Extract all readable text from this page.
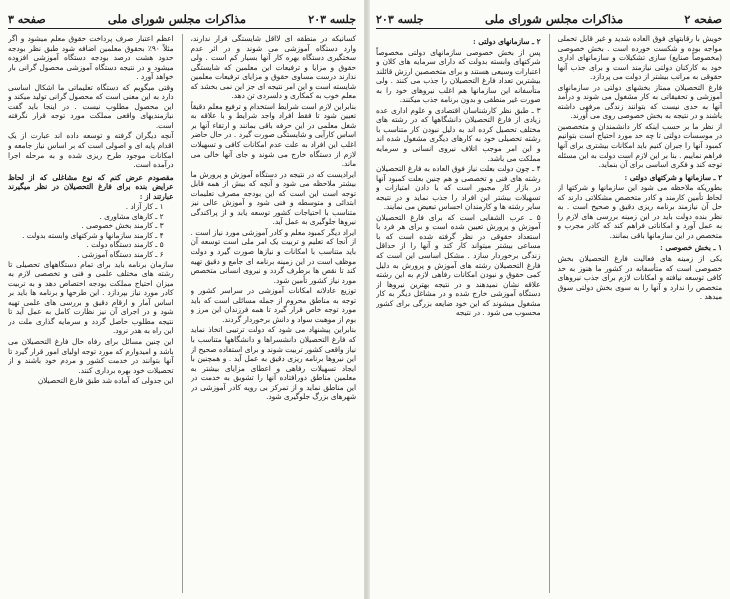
صفحه ۲
مذاکرات مجلس شورای ملی
جلسه ۲۰۳

خویش با رقابتهای فوق العاده شدید و غیر قابل تحملی مواجه بوده و شکست خورده است . بخش خصوصی (مخصوصاً صنایع) سازی تشکیلات و سازمانهای اداری خود به کارکنان دولتی نیازمند است و برای جذب آنها حقوقی به مراتب بیشتر از دولت می پردازد.

فارغ التحصیلان ممتاز بخشهای دولتی در سازمانهای آموزشی و تحقیقاتی به کار مشغول می شوند و درآمد آنها به حدی نیست که بتوانند زندگی مرفهی داشته باشند و در نتیجه به بخش خصوصی روی می آورند.

از نظر ما بر حسب اینکه کار دانشمندان و متخصصین در موسسات دولتی تا چه حد مورد احتیاج است بتوانیم کمبود آنها را جبران کنیم باید امکانات بیشتری برای آنها فراهم نماییم . بنا بر این لازم است دولت به این مسئله توجه کند و فکری اساسی برای آن بنماید.

۲ ـ سازمانها و شرکتهای دولتی :

بطوریکه ملاحظه می شود این سازمانها و شرکتها از لحاظ تأمین کارمند و کادر متخصص مشکلاتی دارند که حل آن نیازمند برنامه ریزی دقیق و صحیح است . به نظر بنده دولت باید در این زمینه بررسی های لازم را به عمل آورد و امکاناتی فراهم کند که کادر مجرب و متخصص در این سازمانها باقی بمانند.

۱ ـ بخش خصوصی :

یکی از زمینه های فعالیت فارغ التحصیلان بخش خصوصی است که متأسفانه در کشور ما هنوز به حد کافی توسعه نیافته و امکانات لازم برای جذب نیروهای متخصص را ندارد و آنها را به سوی بخش دولتی سوق میدهد .

۲ ـ سازمانهای دولتی :

پس از بخش خصوصی سازمانهای دولتی مخصوصاً شرکتهای وابسته بدولت که دارای سرمایه های کلان و اعتبارات وسیعی هستند و برای متخصصین ارزش قائلند بیشترین تعداد فارغ التحصیلان را جذب می کنند . ولی متأسفانه این سازمانها هم اغلب نیروهای خود را به صورت غیر منطقی و بدون برنامه جذب میکنند.

۳ ـ طبق نظر کارشناسان اقتصادی و علوم اداری عده زیادی از فارغ التحصیلان دانشگاهها که در رشته های مختلف تحصیل کرده اند به دلیل نبودن کار متناسب با رشته تحصیلی خود به کارهای دیگری مشغول شده اند و این امر موجب اتلاف نیروی انسانی و سرمایه مملکت می باشد.

۴ ـ چون دولت بعلت نیاز فوق العاده به فارغ التحصیلان رشته های فنی و تخصصی و هم چنین بعلت کمبود آنها در بازار کار مجبور است که با دادن امتیازات و تسهیلات بیشتر این افراد را جذب نماید و در نتیجه سایر رشته ها و کارمندان احساس تبعیض می نمایند.

۵ ـ عرب الشفایی است که برای فارغ التحصیلان آموزش و پرورش تعیین شده است و برای هر فرد با استعداد حقوقی در نظر گرفته شده است که با مساعی بیشتر میتواند کار کند و آنها را از حداقل زندگی برخوردار سازد . مشکل اساسی این است که فارغ التحصیلان رشته های آموزش و پرورش به دلیل کمی حقوق و نبودن امکانات رفاهی لازم به این رشته علاقه نشان نمیدهند و در نتیجه بهترین نیروها از دستگاه آموزشی خارج شده و در مشاغل دیگر به کار مشغول میشوند که این خود ضایعه بزرگی برای کشور محسوب می شود . در نتیجه

جلسه ۲۰۳
مذاکرات مجلس شورای ملی
صفحه ۳

کسانیکه در منطقه ای لااقل شایستگی قرار ندارند، وارد دستگاه آموزشی می شوند و در اثر عدم سختگیری دستگاه بهره کار آنها بسیار کم است . ولی حقوق و مزایا و ترفیعات این معلمین که شایستگی ندارند درست مساوی حقوق و مزایای ترفیعات معلمین شایسته است و این امر نتیجه ای جز این نمی بخشد که معلم خوب به کمکاری و دلسردی تن دهد.

بنابراین لازم است شرایط استخدام و ترفیع معلم دقیقاً تعیین شود تا فقط افراد واجد شرایط و با علاقه به شغل معلمی در این حرفه باقی بمانند و ارتقاء آنها بر اساس کارآیی و شایستگی صورت گیرد . در حال حاضر اغلب این افراد به علت عدم امکانات کافی و تسهیلات لازم از دستگاه خارج می شوند و جای آنها خالی می ماند.

ایرادیست که در نتیجه در دستگاه آموزش و پرورش ما بیشتر ملاحظه می شود و آنچه که بیش از همه قابل توجه است این است که این بودجه مصرف تعلیمات ابتدائی و متوسطه و فنی شود و آموزش عالی نیز متناسب با احتیاجات کشور توسعه یابد و از پراکندگی نیروها جلوگیری به عمل آید.

ایراد دیگر کمبود معلم و کادر آموزشی مورد نیاز است . از آنجا که تعلیم و تربیت یک امر ملی است توسعه آن باید متناسب با امکانات و نیازها صورت گیرد و دولت موظف است در این زمینه برنامه ای جامع و دقیق تهیه کند تا نقص ها برطرف گردد و نیروی انسانی متخصص مورد نیاز کشور تأمین شود.

توزیع عادلانه امکانات آموزشی در سراسر کشور و توجه به مناطق محروم از جمله مسائلی است که باید مورد توجه خاص قرار گیرد تا همه فرزندان این مرز و بوم از موهبت سواد و دانش برخوردار گردند.

بنابراین پیشنهاد می شود که دولت ترتیبی اتخاذ نماید که فارغ التحصیلان دانشسراها و دانشگاهها متناسب با نیاز واقعی کشور تربیت شوند و برای استفاده صحیح از این نیروها برنامه ریزی دقیق به عمل آید . و همچنین با ایجاد تسهیلات رفاهی و اعطای مزایای بیشتر به معلمین مناطق دورافتاده آنها را تشویق به خدمت در این مناطق نماید و از تمرکز بی رویه کادر آموزشی در شهرهای بزرگ جلوگیری شود.

اعظم اعتبار صرف پرداخت حقوق معلم میشود و اگر مثلاً ۹۰٪ بحقوق معلمین اضافه شود طبق نظر بودجه حدود هشت درصد بودجه دستگاه آموزشی افزوده میشود و در نتیجه دستگاه آموزشی محصول گرانی بار خواهد آورد .

وقتی میگویم که دستگاه تعلیماتی ما اشکال اساسی دارد به این معنی است که محصول گرانی تولید میکند و این محصول مطلوب نیست . در اینجا باید گفت نیازمندیهای واقعی مملکت مورد توجه قرار نگرفته است.

آنچه دیگران گرفته و توسعه داده اند عبارت از یک اقدام پایه ای و اصولی است که بر اساس نیاز جامعه و امکانات موجود طرح ریزی شده و به مرحله اجرا درآمده است.

مقصودم عرض کنم که نوع مشاغلی که از لحاظ عرایض بنده برای فارغ التحصیلان در نظر میگیرند عبارتند از :

۱ ـ کار آزاد .
۲ ـ کارهای مشاوری .
۳ ـ کارمند بخش خصوصی .
۴ ـ کارمند سازمانها و شرکتهای وابسته بدولت .
۵ ـ کارمند دستگاه دولت .
۶ ـ کارمند دستگاه آموزشی .

سازمان برنامه باید برای تمام دستگاههای تحصیلی تا رشته های مختلف علمی و فنی و تخصصی لازم به میزان احتیاج مملکت بودجه اختصاص دهد و به تربیت کادر مورد نیاز بپردازد . این طرحها و برنامه ها باید بر اساس آمار و ارقام دقیق و بررسی های علمی تهیه شود و در اجرای آن نیز نظارت کامل به عمل آید تا نتیجه مطلوب حاصل گردد و سرمایه گذاری ملت در این راه به هدر نرود.

این چنین مسائل برای رفاه حال فارغ التحصیلان می باشد و امیدوارم که مورد توجه اولیای امور قرار گیرد تا آنها بتوانند در خدمت کشور و مردم خود باشند و از تحصیلات خود بهره برداری کنند.

این جدولی که آماده شد طبق فارغ التحصیلان
